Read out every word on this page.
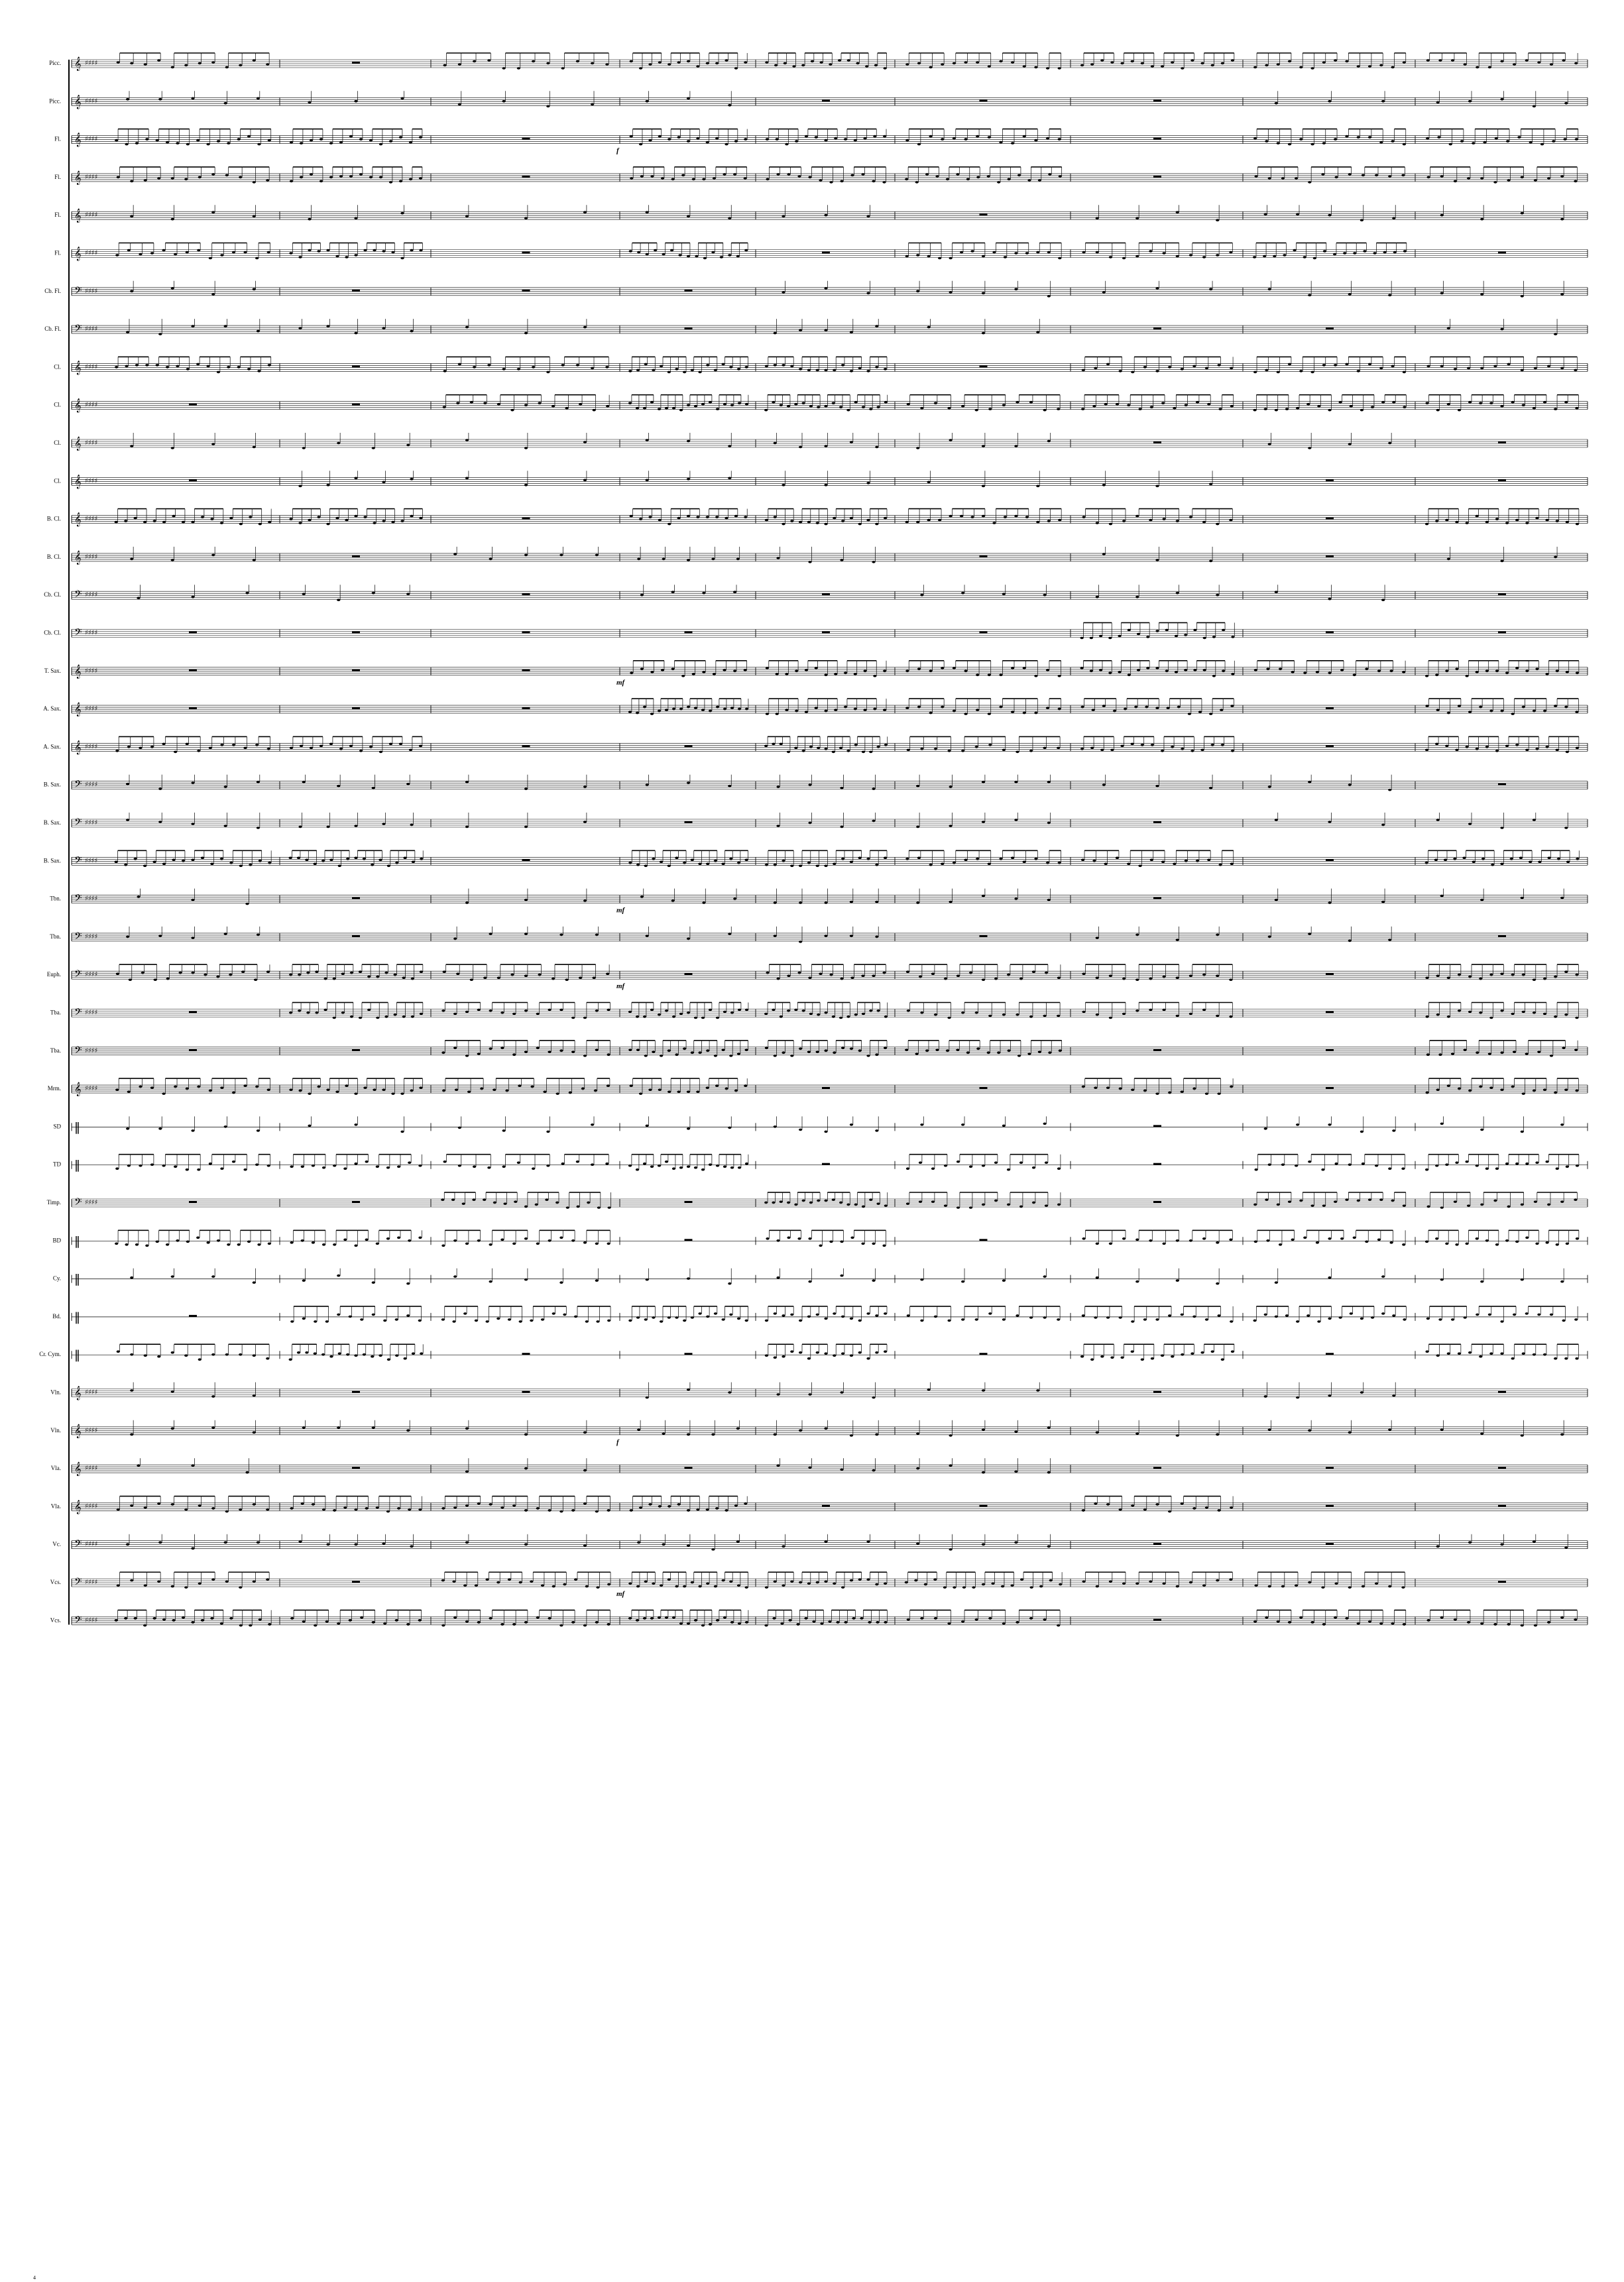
𝄞 ♯♯♯♯
𝄞 ♯♯♯♯
𝄞 ♯♯♯♯
𝄞 ♯♯♯♯
𝄞 ♯♯♯♯
𝄞 ♯♯♯♯
𝄢 ♯♯♯♯
𝄢 ♯♯♯♯
𝄞 ♯♯♯♯
𝄞 ♯♯♯♯
𝄞 ♯♯♯♯
𝄞 ♯♯♯♯
𝄞 ♯♯♯♯
𝄞 ♯♯♯♯
𝄢 ♯♯♯♯
𝄢 ♯♯♯♯
𝄞 ♯♯♯♯
𝄞 ♯♯♯♯
𝄞 ♯♯♯♯
𝄢 ♯♯♯♯
𝄢 ♯♯♯♯
𝄢 ♯♯♯♯
𝄢 ♯♯♯♯
𝄢 ♯♯♯♯
𝄢 ♯♯♯♯
𝄢 ♯♯♯♯
𝄢 ♯♯♯♯
𝄞 ♯♯♯♯
‖
‖
𝄢 ♯♯♯♯
‖
‖
‖
‖
𝄞 ♯♯♯♯
𝄞 ♯♯♯♯
𝄞 ♯♯♯♯
𝄞 ♯♯♯♯
𝄢 ♯♯♯♯
𝄢 ♯♯♯♯
𝄢 ♯♯♯♯
Picc.
Picc.
Fl.
Fl.
Fl.
Fl.
Cb. Fl.
Cb. Fl.
Cl.
Cl.
Cl.
Cl.
B. Cl.
B. Cl.
Cb. Cl.
Cb. Cl.
T. Sax.
A. Sax.
A. Sax.
B. Sax.
B. Sax.
B. Sax.
Tbn.
Tbn.
Euph.
Tba.
Tba.
Mrm.
SD
TD
Timp.
BD
Cy.
Bd.
Cr. Cym.
Vln.
Vln.
Vla.
Vla.
Vc.
Vcs.
Vcs.
f
mf
mf
mf
mf
f
4
